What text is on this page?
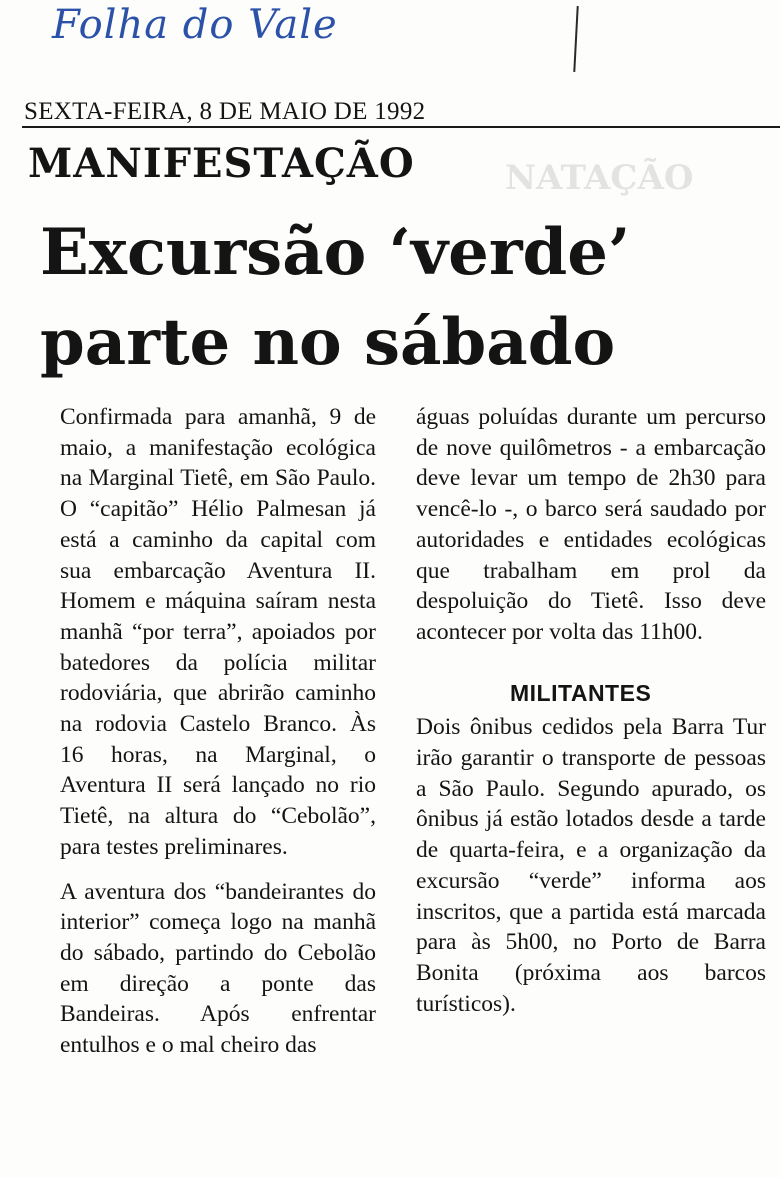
Folha do Vale
SEXTA-FEIRA, 8 DE MAIO DE 1992
NATAÇÃO
MANIFESTAÇÃO
Excursão ‘verde’
parte no sábado

Confirmada para amanhã, 9 de maio, a manifestação ecológica na Marginal Tietê, em São Paulo. O “capitão” Hélio Palmesan já está a caminho da capital com sua embarcação Aventura II. Homem e máquina saíram nesta manhã “por terra”, apoiados por batedores da polícia militar rodoviária, que abrirão caminho na rodovia Castelo Branco. Às 16 horas, na Marginal, o Aventura II será lançado no rio Tietê, na altura do “Cebolão”, para testes preliminares.

A aventura dos “bandeirantes do interior” começa logo na manhã do sábado, partindo do Cebolão em direção a ponte das Bandeiras. Após enfrentar entulhos e o mal cheiro das

águas poluídas durante um percurso de nove quilômetros - a embarcação deve levar um tempo de 2h30 para vencê-lo -, o barco será saudado por autoridades e entidades ecológicas que trabalham em prol da despoluição do Tietê. Isso deve acontecer por volta das 11h00.

MILITANTES

Dois ônibus cedidos pela Barra Tur irão garantir o transporte de pessoas a São Paulo. Segundo apurado, os ônibus já estão lotados desde a tarde de quarta-feira, e a organização da excursão “verde” informa aos inscritos, que a partida está marcada para às 5h00, no Porto de Barra Bonita (próxima aos barcos turísticos).
